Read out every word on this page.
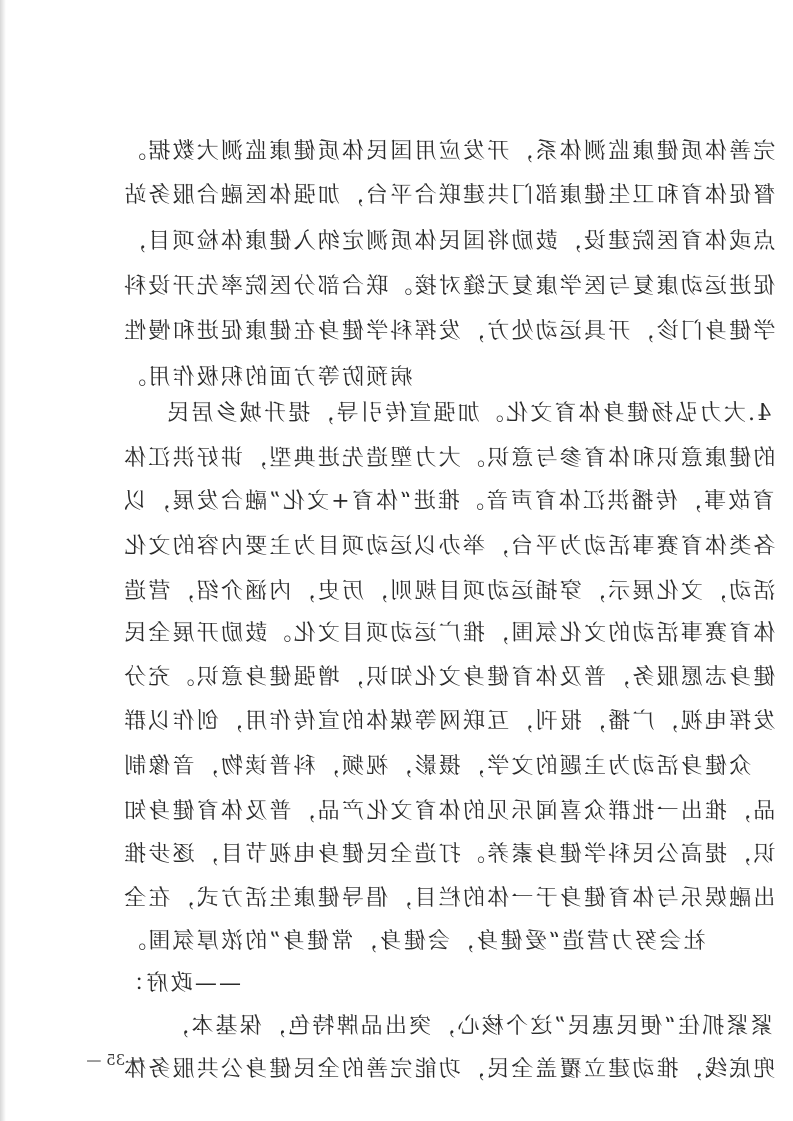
完善体质健康监测体系，开发应用国民体质健康监测大数据。
督促体育和卫生健康部门共建联合平台，加强体医融合服务站
点或体育医院建设，鼓励将国民体质测定纳入健康体检项目，
促进运动康复与医学康复无缝对接。联合部分医院率先开设科
学健身门诊，开具运动处方，发挥科学健身在健康促进和慢性
病预防等方面的积极作用。
4.大力弘扬健身体育文化。加强宣传引导，提升城乡居民
的健康意识和体育参与意识。大力塑造先进典型，讲好洪江体
育故事，传播洪江体育声音。推进“体育+文化”融合发展，以
各类体育赛事活动为平台，举办以运动项目为主要内容的文化
活动，文化展示，穿插运动项目规则，历史，内涵介绍，营造
体育赛事活动的文化氛围，推广运动项目文化。鼓励开展全民
健身志愿服务，普及体育健身文化知识，增强健身意识。充分
发挥电视，广播，报刊，互联网等媒体的宣传作用，创作以群
众健身活动为主题的文学，摄影，视频，科普读物，音像制
品，推出一批群众喜闻乐见的体育文化产品，普及体育健身知
识，提高公民科学健身素养。打造全民健身电视节目，逐步推
出融娱乐与体育健身于一体的栏目，倡导健康生活方式，在全
社会努力营造“爱健身，会健身，常健身”的浓厚氛围。
——政府：
紧紧抓住“便民惠民”这个核心，突出品牌特色，保基本，
兜底线，推动建立覆盖全民，功能完善的全民健身公共服务体
— 35 —
